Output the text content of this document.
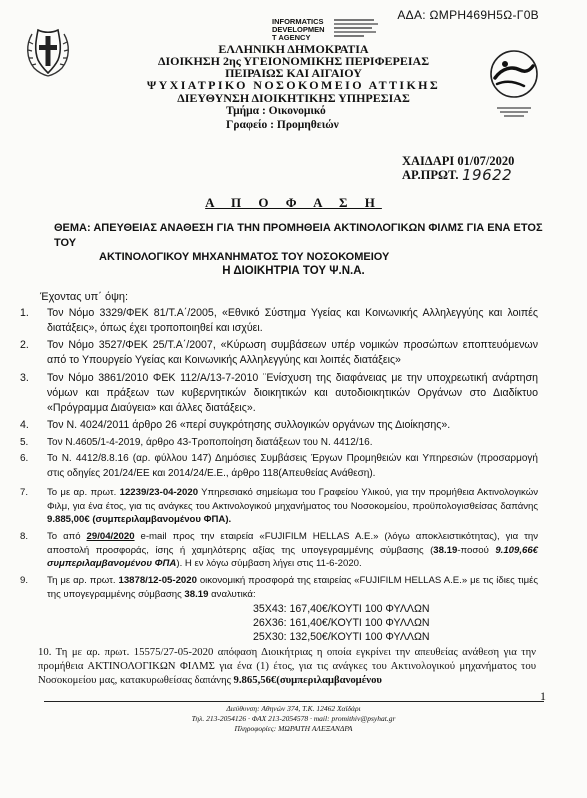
ΑΔΑ: ΩΜΡΗ469Η5Ω-Γ0Β
INFORMATICS
DEVELOPMEN
T AGENCY
ΕΛΛΗΝΙΚΗ ΔΗΜΟΚΡΑΤΙΑ
ΔΙΟΙΚΗΣΗ 2ης ΥΓΕΙΟΝΟΜΙΚΗΣ ΠΕΡΙΦΕΡΕΙΑΣ
ΠΕΙΡΑΙΩΣ ΚΑΙ ΑΙΓΑΙΟΥ
ΨΥΧΙΑΤΡΙΚΟ ΝΟΣΟΚΟΜΕΙΟ ΑΤΤΙΚΗΣ
ΔΙΕΥΘΥΝΣΗ ΔΙΟΙΚΗΤΙΚΗΣ ΥΠΗΡΕΣΙΑΣ
Τμήμα : Οικονομικό
Γραφείο : Προμηθειών
ΧΑΙΔΑΡΙ 01/07/2020
ΑΡ.ΠΡΩΤ. 19622
Α Π Ο Φ Α Σ Η
ΘΕΜΑ: ΑΠΕΥΘΕΙΑΣ ΑΝΑΘΕΣΗ ΓΙΑ ΤΗΝ ΠΡΟΜΗΘΕΙΑ ΑΚΤΙΝΟΛΟΓΙΚΩΝ ΦΙΛΜΣ ΓΙΑ ΕΝΑ ΕΤΟΣ ΤΟΥ
ΑΚΤΙΝΟΛΟΓΙΚΟΥ ΜΗΧΑΝΗΜΑΤΟΣ ΤΟΥ ΝΟΣΟΚΟΜΕΙΟΥ
Η ΔΙΟΙΚΗΤΡΙΑ ΤΟΥ Ψ.Ν.Α.
Έχοντας υπ΄ όψη:
1. Τον Νόμο 3329/ΦΕΚ 81/Τ.Α΄/2005, «Εθνικό Σύστημα Υγείας και Κοινωνικής Αλληλεγγύης και λοιπές διατάξεις», όπως έχει τροποποιηθεί και ισχύει.
2. Τον Νόμο 3527/ΦΕΚ 25/Τ.Α΄/2007, «Κύρωση συμβάσεων υπέρ νομικών προσώπων εποπτευόμενων από το Υπουργείο Υγείας και Κοινωνικής Αλληλεγγύης και λοιπές διατάξεις»
3. Τον Νόμο 3861/2010 ΦΕΚ 112/Α/13-7-2010 ¨Ενίσχυση της διαφάνειας με την υποχρεωτική ανάρτηση νόμων και πράξεων των κυβερνητικών διοικητικών και αυτοδιοικητικών Οργάνων στο Διαδίκτυο «Πρόγραμμα Διαύγεια» και άλλες διατάξεις».
4. Τον Ν. 4024/2011 άρθρο 26 «περί συγκρότησης συλλογικών οργάνων της Διοίκησης».
5. Τον Ν.4605/1-4-2019, άρθρο 43-Τροποποίηση διατάξεων του Ν. 4412/16.
6. Το Ν. 4412/8.8.16 (αρ. φύλλου 147) Δημόσιες Συμβάσεις Έργων Προμηθειών και Υπηρεσιών (προσαρμογή στις οδηγίες 201/24/ΕΕ και 2014/24/Ε.Ε., άρθρο 118(Απευθείας Ανάθεση).
7. Το με αρ. πρωτ. 12239/23-04-2020 Υπηρεσιακό σημείωμα του Γραφείου Υλικού, για την προμήθεια Ακτινολογικών Φιλμ, για ένα έτος, για τις ανάγκες του Ακτινολογικού μηχανήματος του Νοσοκομείου, προϋπολογισθείσας δαπάνης 9.885,00€ (συμπεριλαμβανομένου ΦΠΑ).
8. Το από 29/04/2020 e-mail προς την εταιρεία «FUJIFILM HELLAS A.E.» (λόγω αποκλειστικότητας), για την αποστολή προσφοράς, ίσης ή χαμηλότερης αξίας της υπογεγραμμένης σύμβασης (38.19-ποσού 9.109,66€ συμπεριλαμβανομένου ΦΠΑ). Η εν λόγω σύμβαση λήγει στις 11-6-2020.
9. Τη με αρ. πρωτ. 13878/12-05-2020 οικονομική προσφορά της εταιρείας «FUJIFILM HELLAS A.E.» με τις ίδιες τιμές της υπογεγραμμένης σύμβασης 38.19 αναλυτικά:
35Χ43: 167,40€/ΚΟΥΤΙ 100 ΦΥΛΛΩΝ
26Χ36: 161,40€/ΚΟΥΤΙ 100 ΦΥΛΛΩΝ
25Χ30: 132,50€/ΚΟΥΤΙ 100 ΦΥΛΛΩΝ
10. Τη με αρ. πρωτ. 15575/27-05-2020 απόφαση Διοικήτριας η οποία εγκρίνει την απευθείας ανάθεση για την προμήθεια ΑΚΤΙΝΟΛΟΓΙΚΩΝ ΦΙΛΜΣ για ένα (1) έτος, για τις ανάγκες του Ακτινολογικού μηχανήματος του Νοσοκομείου μας, κατακυρωθείσας δαπάνης 9.865,56€(συμπεριλαμβανομένου
1
Διεύθυνση: Αθηνών 374, Τ.Κ. 12462 Χαϊδάρι
Τηλ. 213-2054126 · ΦΑΧ 213-2054578 · mail: promithiv@psyhat.gr
Πληροφορίες: ΜΩΡΑΙΤΗ ΑΛΕΞΑΝΔΡΑ
